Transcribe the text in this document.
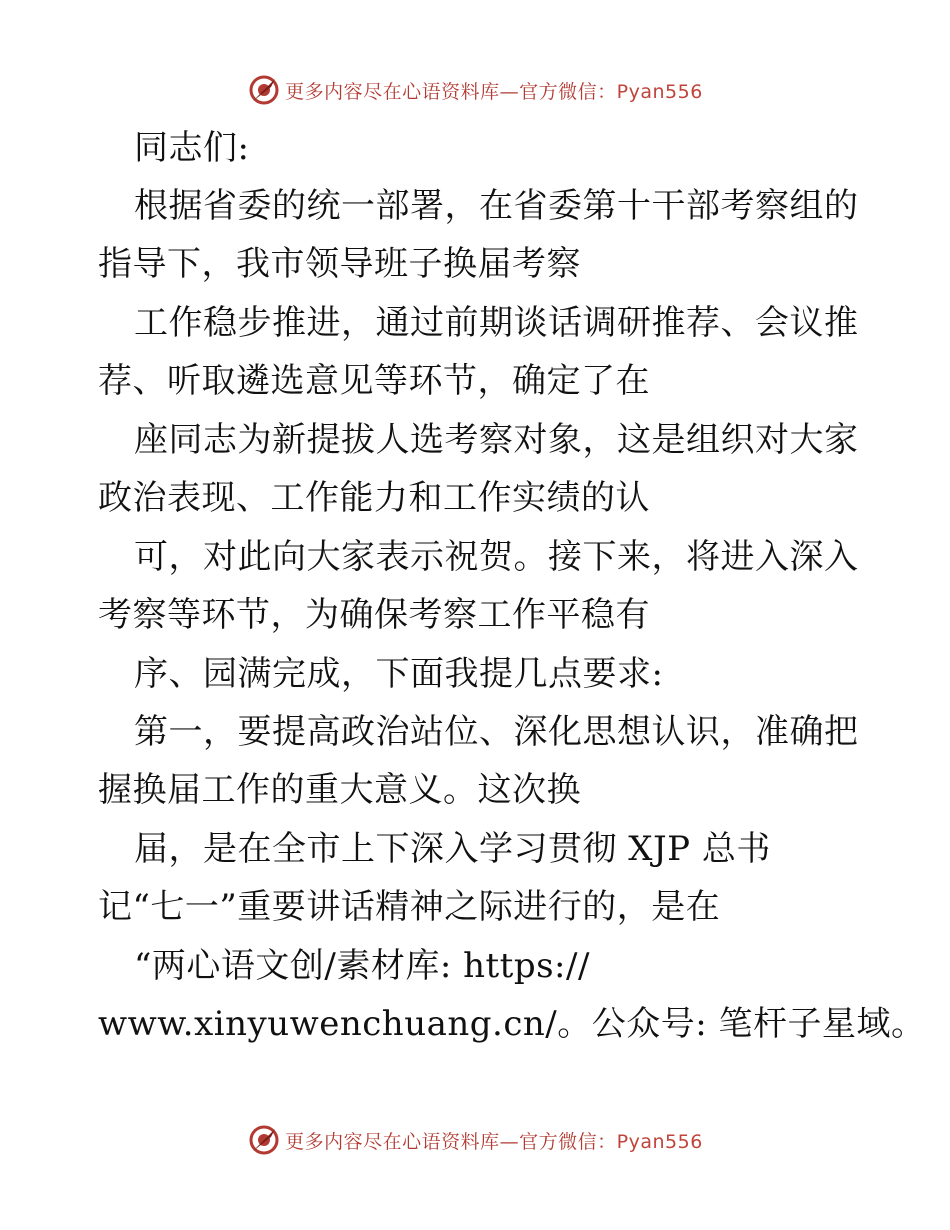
更多内容尽在心语资料库—官方微信：Pyan556
同志们:
根据省委的统一部署，在省委第十干部考察组的
指导下，我市领导班子换届考察
工作稳步推进，通过前期谈话调研推荐、会议推
荐、听取遴选意见等环节，确定了在
座同志为新提拔人选考察对象，这是组织对大家
政治表现、工作能力和工作实绩的认
可，对此向大家表示祝贺。接下来，将进入深入
考察等环节，为确保考察工作平稳有
序、园满完成，下面我提几点要求:
第一，要提高政治站位、深化思想认识，准确把
握换届工作的重大意义。这次换
届，是在全市上下深入学习贯彻 XJP 总书
记“七一”重要讲话精神之际进行的，是在
“两心语文创/素材库: https://
www.xinyuwenchuang.cn/。公众号: 笔杆子星域。
更多内容尽在心语资料库—官方微信：Pyan556
